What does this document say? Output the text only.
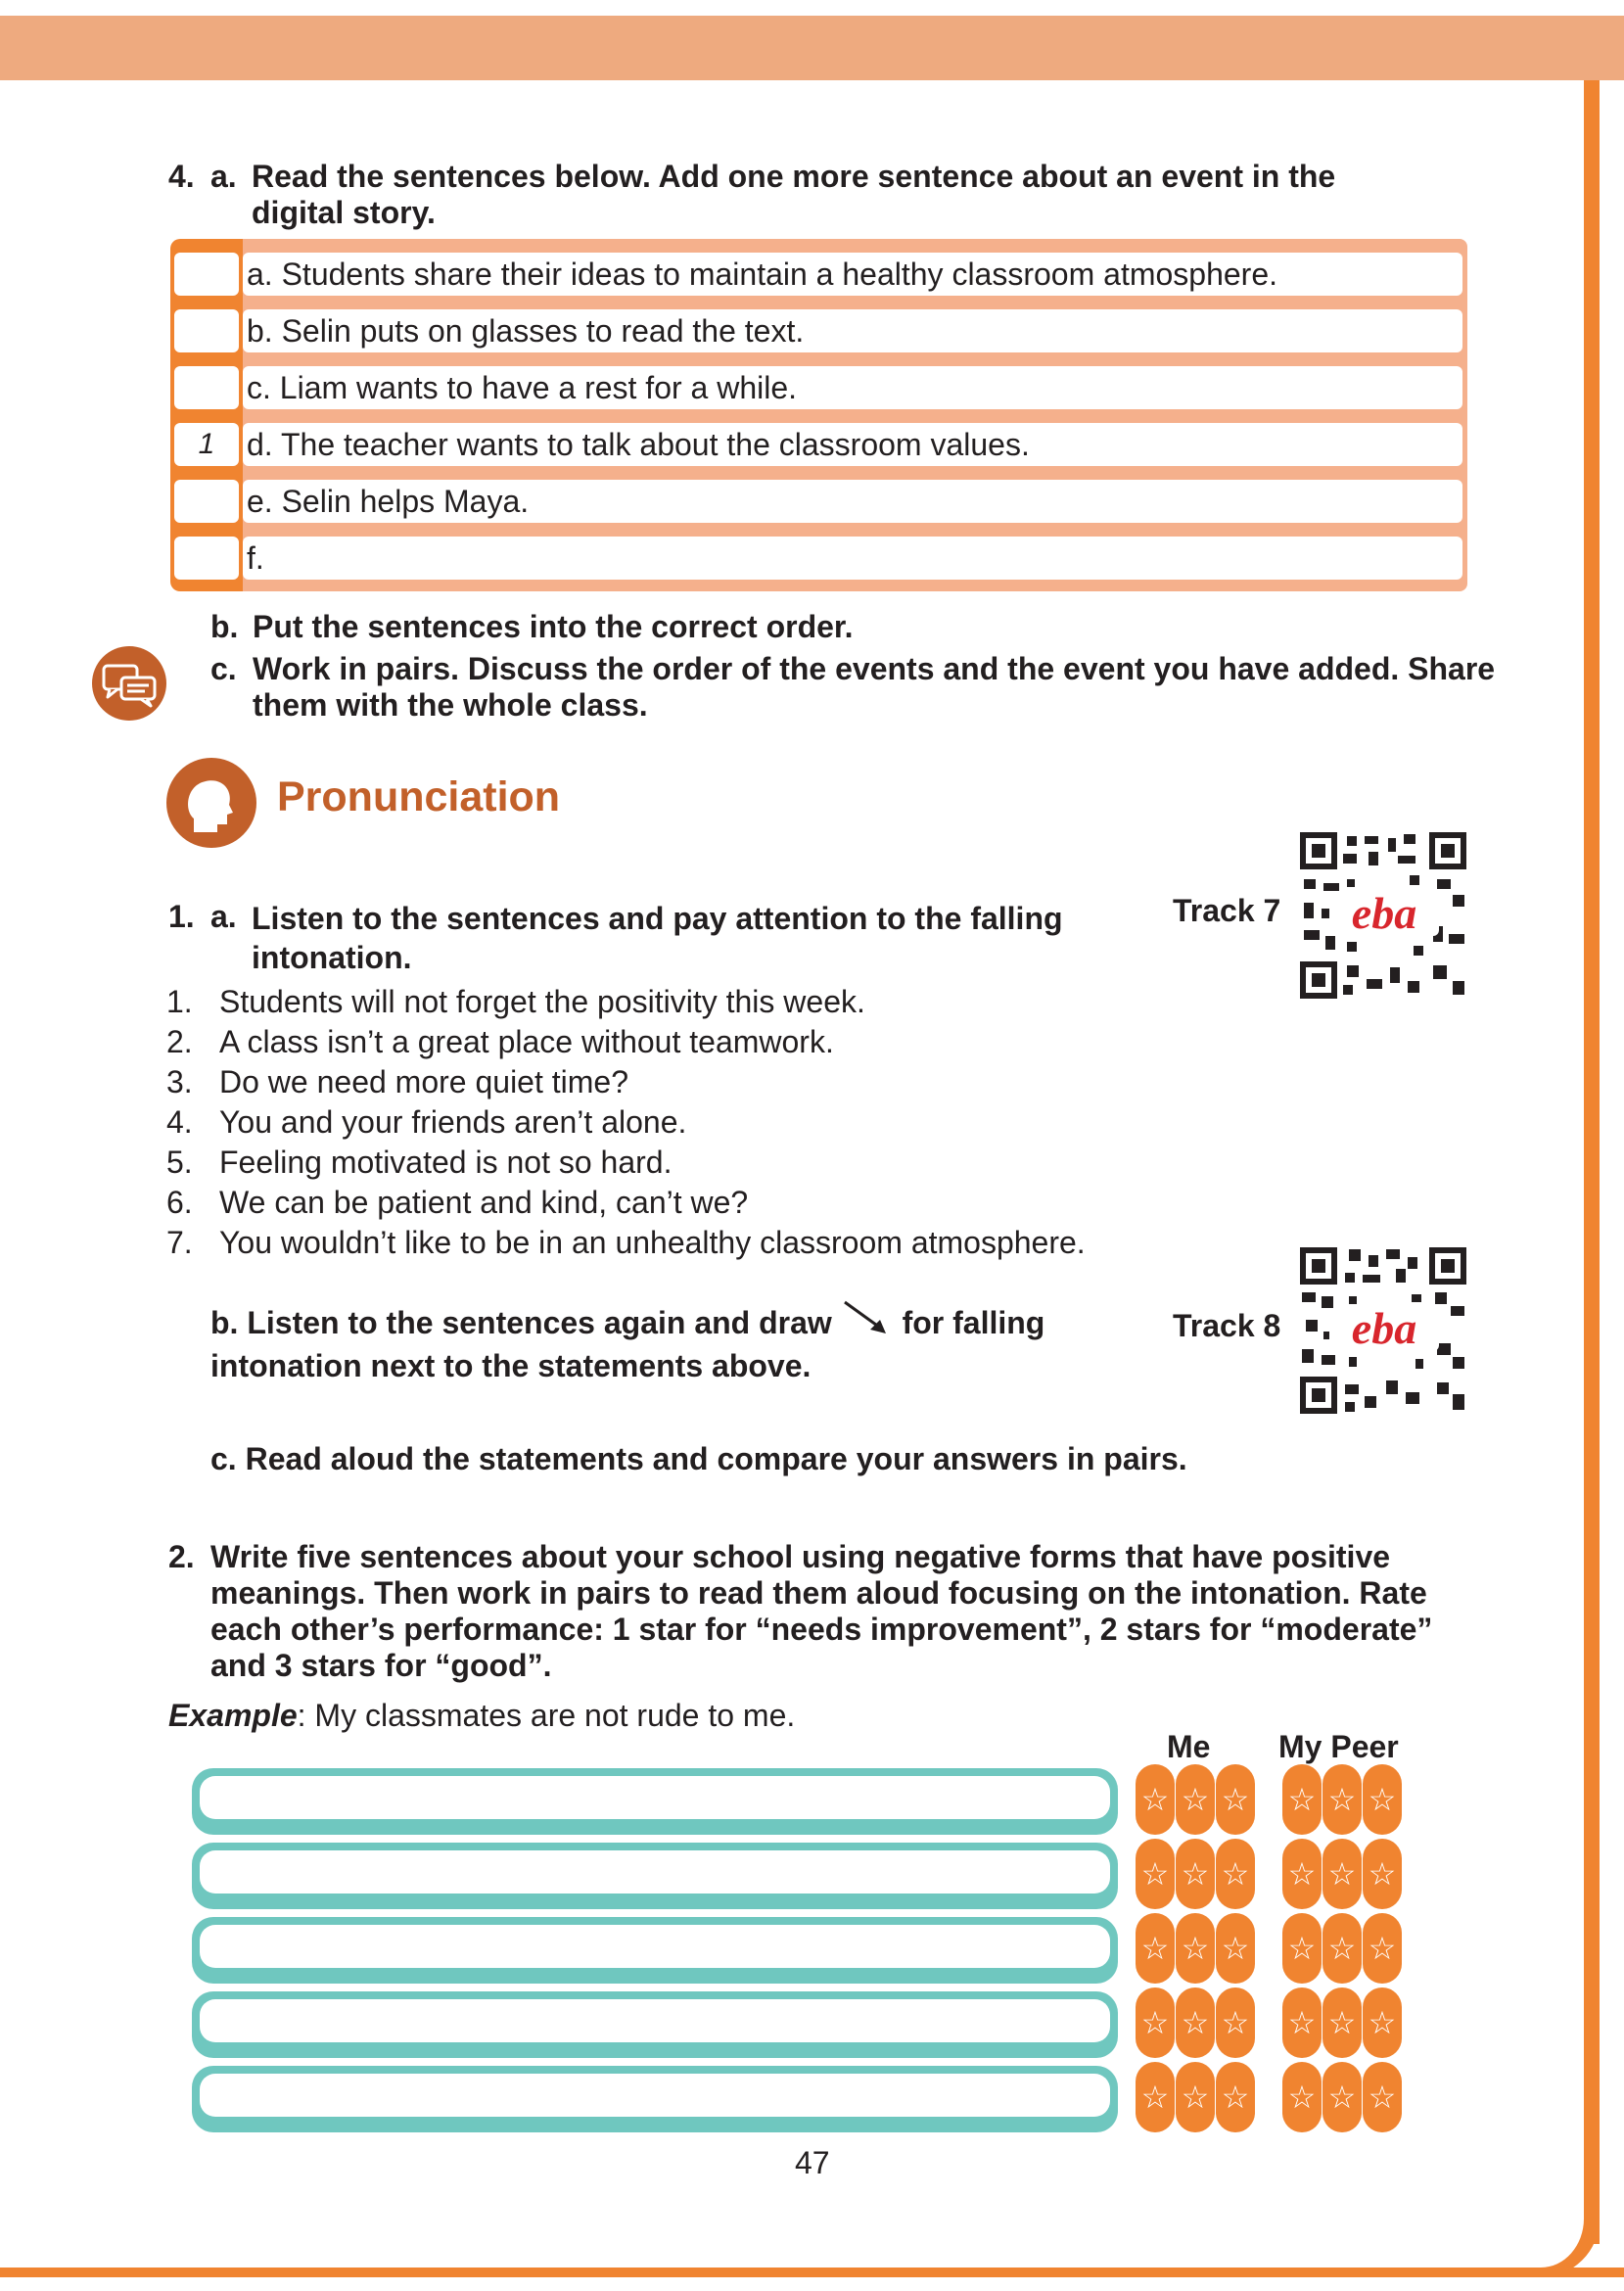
4. a. Read the sentences below. Add one more sentence about an event in the digital story.
a. Students share their ideas to maintain a healthy classroom atmosphere.
b. Selin puts on glasses to read the text.
c. Liam wants to have a rest for a while.
1	d. The teacher wants to talk about the classroom values.
e. Selin helps Maya.
f.
b. Put the sentences into the correct order.
c. Work in pairs. Discuss the order of the events and the event you have added. Share them with the whole class.
Pronunciation
1. a. Listen to the sentences and pay attention to the falling intonation.
Track 7 eba
1. Students will not forget the positivity this week.
2. A class isn’t a great place without teamwork.
3. Do we need more quiet time?
4. You and your friends aren’t alone.
5. Feeling motivated is not so hard.
6. We can be patient and kind, can’t we?
7. You wouldn’t like to be in an unhealthy classroom atmosphere.
b. Listen to the sentences again and draw for falling
intonation next to the statements above.
Track 8 eba
c. Read aloud the statements and compare your answers in pairs.
2. Write five sentences about your school using negative forms that have positive meanings. Then work in pairs to read them aloud focusing on the intonation. Rate each other’s performance: 1 star for “needs improvement”, 2 stars for “moderate” and 3 stars for “good”.
Example: My classmates are not rude to me.
Me My Peer
☆ ☆ ☆ ☆ ☆ ☆
☆ ☆ ☆ ☆ ☆ ☆
☆ ☆ ☆ ☆ ☆ ☆
☆ ☆ ☆ ☆ ☆ ☆
☆ ☆ ☆ ☆ ☆ ☆
47
